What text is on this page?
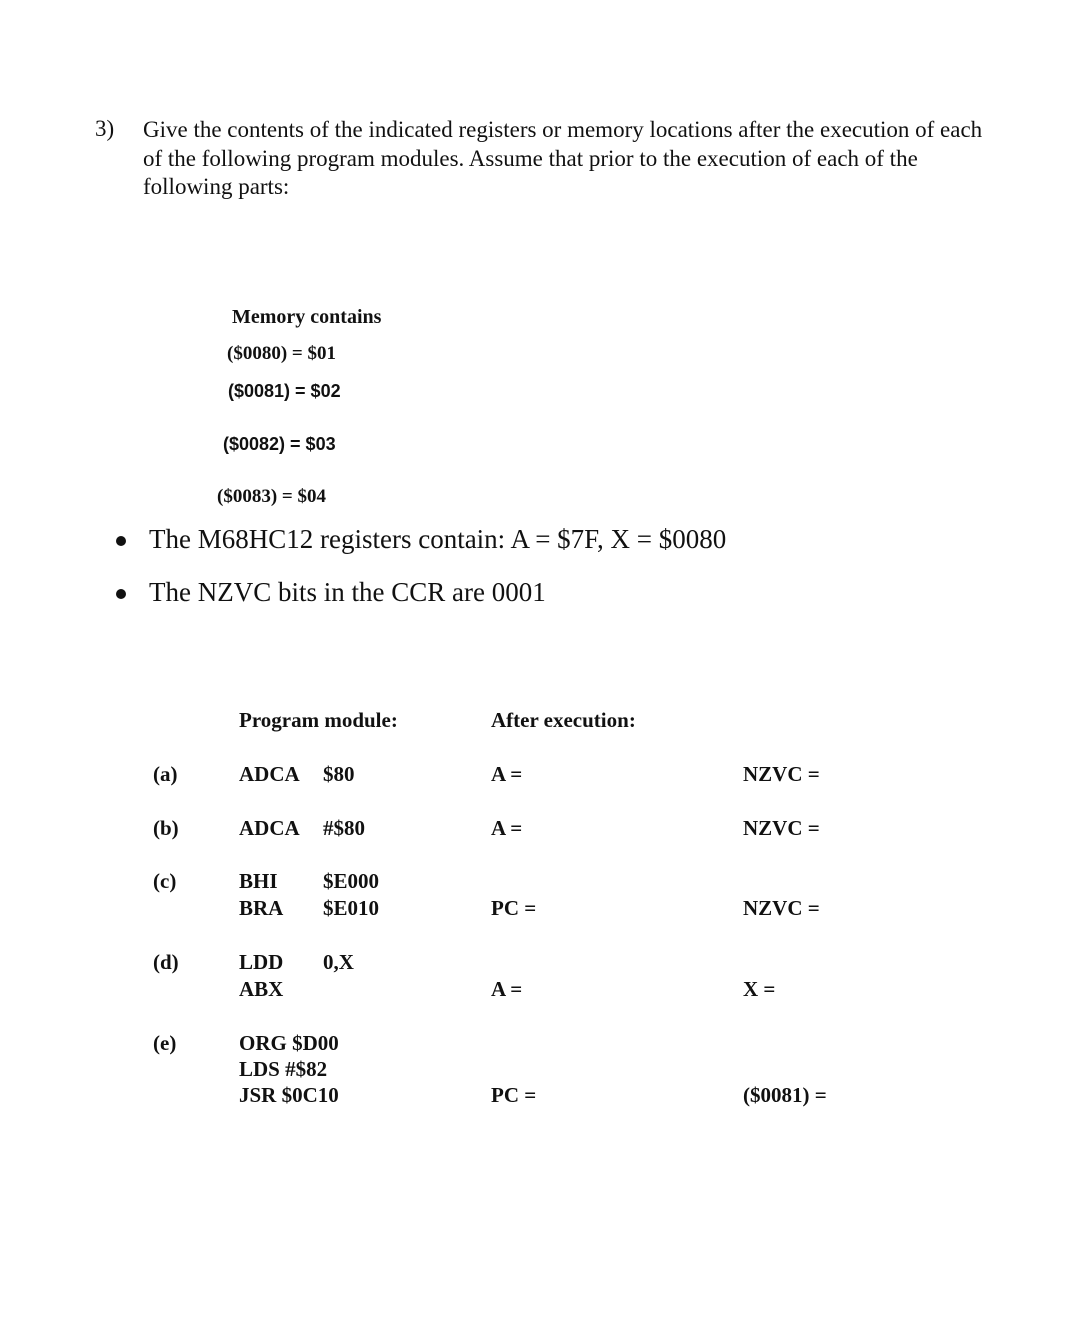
3) Give the contents of the indicated registers or memory locations after the execution of each of the following program modules. Assume that prior to the execution of each of the following parts:
Memory contains
($0080) = $01
($0081) = $02
($0082) = $03
($0083) = $04
The M68HC12 registers contain: A = $7F, X = $0080
The NZVC bits in the CCR are 0001
Program module:	After execution:
(a)	ADCA $80	A =	NZVC =
(b)	ADCA #$80	A =	NZVC =
(c)	BHI $E000
BRA $E010	PC =	NZVC =
(d)	LDD 0,X
ABX	A =	X =
(e)	ORG $D00
LDS #$82
JSR $0C10	PC =	($0081) =
